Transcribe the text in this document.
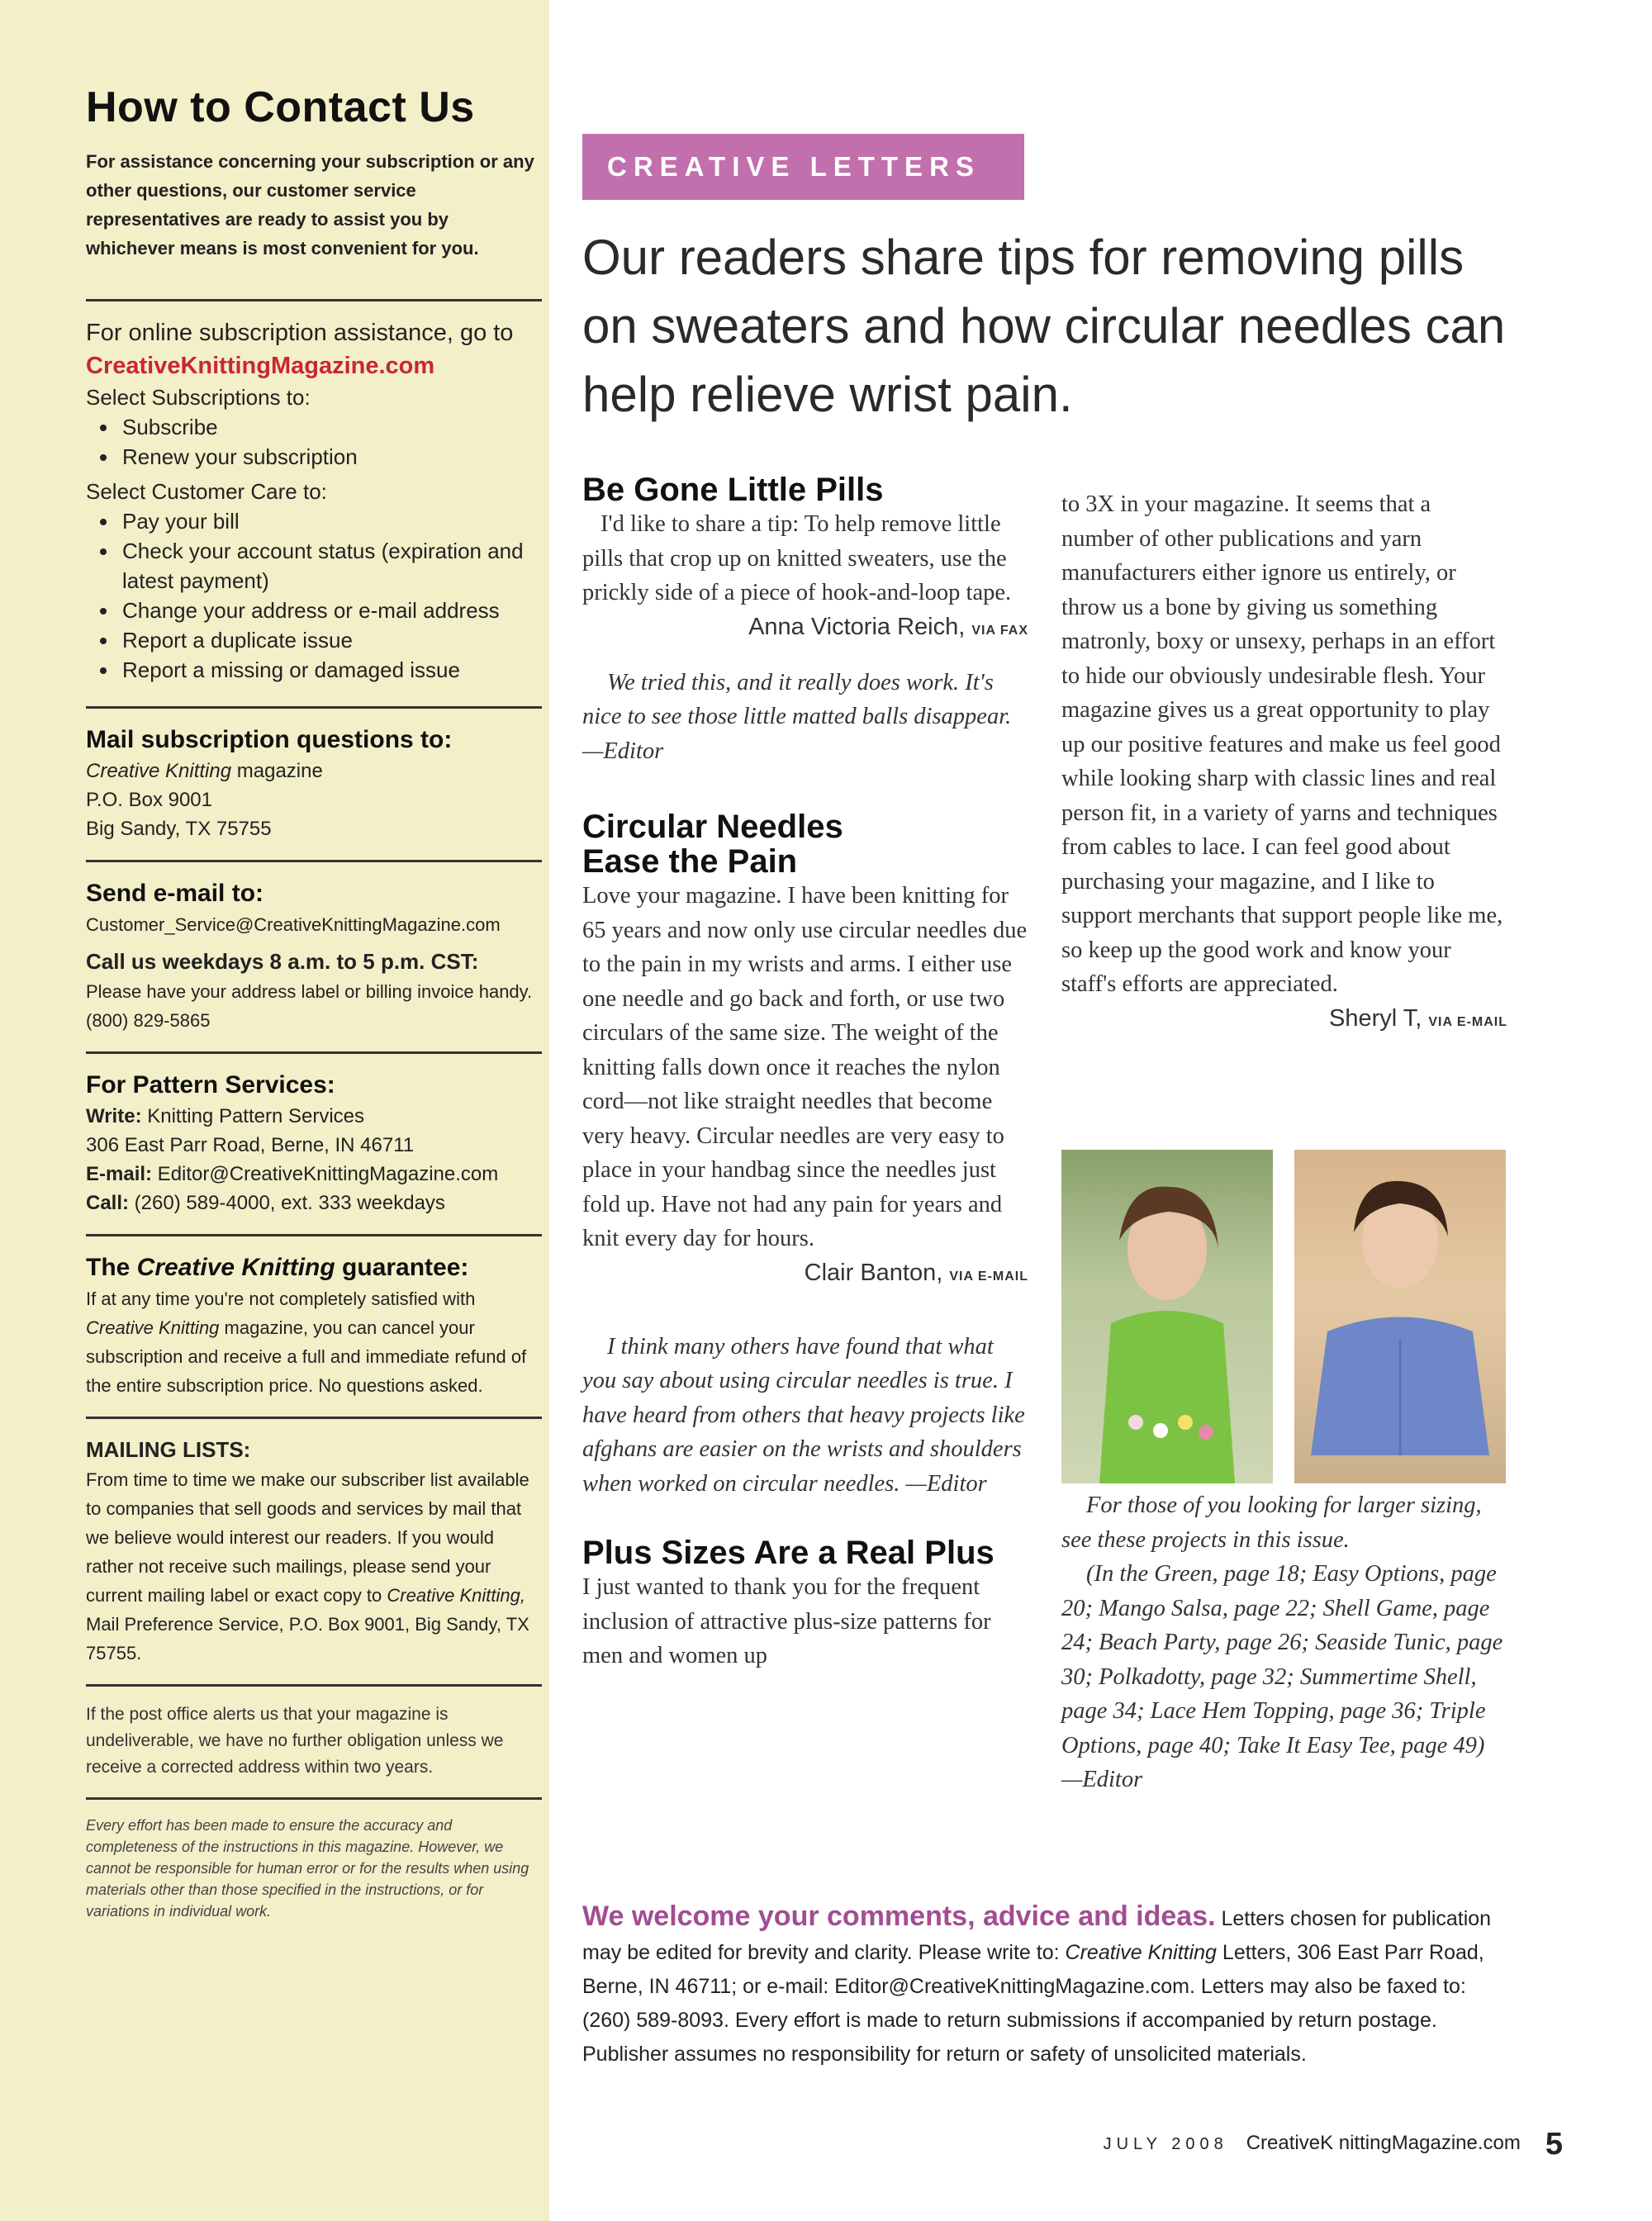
How to Contact Us

For assistance concerning your subscription or any other questions, our customer service representatives are ready to assist you by whichever means is most convenient for you.

For online subscription assistance, go to

CreativeKnittingMagazine.com

Select Subscriptions to:

• Subscribe
• Renew your subscription

Select Customer Care to:

• Pay your bill
• Check your account status (expiration and latest payment)
• Change your address or e-mail address
• Report a duplicate issue
• Report a missing or damaged issue

Mail subscription questions to:

Creative Knitting magazine

P.O. Box 9001

Big Sandy, TX 75755

Send e-mail to:

Customer_Service@CreativeKnittingMagazine.com

Call us weekdays 8 a.m. to 5 p.m. CST:

Please have your address label or billing invoice handy. (800) 829-5865

For Pattern Services:

Write: Knitting Pattern Services

306 East Parr Road, Berne, IN 46711

E-mail: Editor@CreativeKnittingMagazine.com

Call: (260) 589-4000, ext. 333 weekdays

The Creative Knitting guarantee:

If at any time you're not completely satisfied with Creative Knitting magazine, you can cancel your subscription and receive a full and immediate refund of the entire subscription price. No questions asked.

MAILING LISTS:

From time to time we make our subscriber list available to companies that sell goods and services by mail that we believe would interest our readers. If you would rather not receive such mailings, please send your current mailing label or exact copy to Creative Knitting, Mail Preference Service, P.O. Box 9001, Big Sandy, TX 75755.

If the post office alerts us that your magazine is undeliverable, we have no further obligation unless we receive a corrected address within two years.

Every effort has been made to ensure the accuracy and completeness of the instructions in this magazine. However, we cannot be responsible for human error or for the results when using materials other than those specified in the instructions, or for variations in individual work.

CREATIVE LETTERS

Our readers share tips for removing pills on sweaters and how circular needles can help relieve wrist pain.

Be Gone Little Pills

I'd like to share a tip: To help remove little pills that crop up on knitted sweaters, use the prickly side of a piece of hook-and-loop tape.

Anna Victoria Reich, VIA FAX

We tried this, and it really does work. It's nice to see those little matted balls disappear. —Editor

Circular Needles
Ease the Pain

Love your magazine. I have been knitting for 65 years and now only use circular needles due to the pain in my wrists and arms. I either use one needle and go back and forth, or use two circulars of the same size. The weight of the knitting falls down once it reaches the nylon cord—not like straight needles that become very heavy. Circular needles are very easy to place in your handbag since the needles just fold up. Have not had any pain for years and knit every day for hours.

Clair Banton, VIA E-MAIL

I think many others have found that what you say about using circular needles is true. I have heard from others that heavy projects like afghans are easier on the wrists and shoulders when worked on circular needles. —Editor

Plus Sizes Are a Real Plus

I just wanted to thank you for the frequent inclusion of attractive plus-size patterns for men and women up

to 3X in your magazine. It seems that a number of other publications and yarn manufacturers either ignore us entirely, or throw us a bone by giving us something matronly, boxy or unsexy, perhaps in an effort to hide our obviously undesirable flesh. Your magazine gives us a great opportunity to play up our positive features and make us feel good while looking sharp with classic lines and real person fit, in a variety of yarns and techniques from cables to lace. I can feel good about purchasing your magazine, and I like to support merchants that support people like me, so keep up the good work and know your staff's efforts are appreciated.

Sheryl T, VIA E-MAIL

For those of you looking for larger sizing, see these projects in this issue.

(In the Green, page 18; Easy Options, page 20; Mango Salsa, page 22; Shell Game, page 24; Beach Party, page 26; Seaside Tunic, page 30; Polkadotty, page 32; Summertime Shell, page 34; Lace Hem Topping, page 36; Triple Options, page 40; Take It Easy Tee, page 49) —Editor

We welcome your comments, advice and ideas. Letters chosen for publication may be edited for brevity and clarity. Please write to: Creative Knitting Letters, 306 East Parr Road, Berne, IN 46711; or e-mail: Editor@CreativeKnittingMagazine.com. Letters may also be faxed to: (260) 589-8093. Every effort is made to return submissions if accompanied by return postage. Publisher assumes no responsibility for return or safety of unsolicited materials.

JULY 2008 CreativeK nittingMagazine.com 5
